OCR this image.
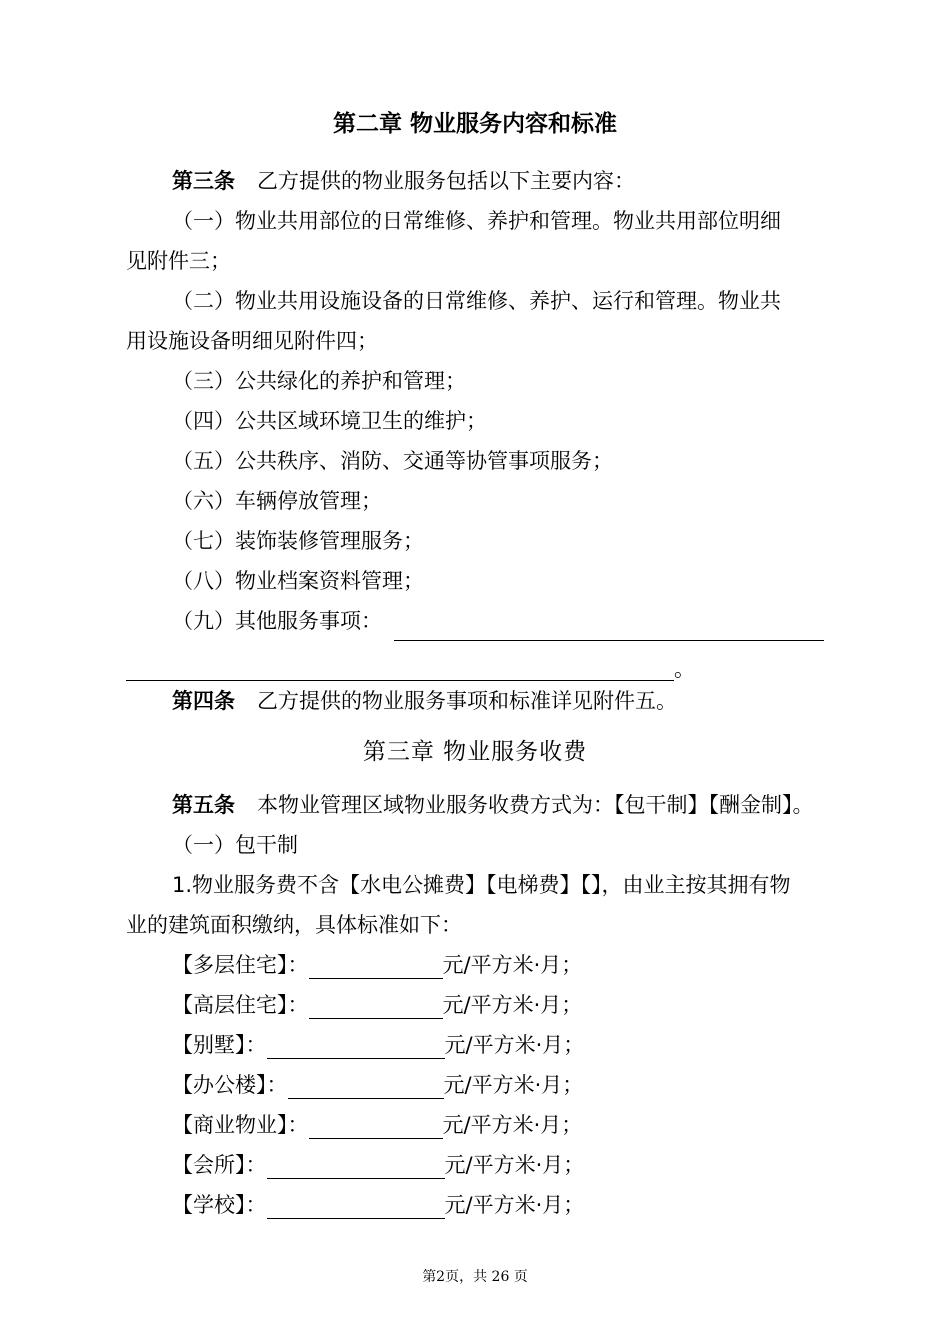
第二章 物业服务内容和标准
第三条 乙方提供的物业服务包括以下主要内容：
（一）物业共用部位的日常维修、养护和管理。物业共用部位明细
见附件三；
（二）物业共用设施设备的日常维修、养护、运行和管理。物业共
用设施设备明细见附件四；
（三）公共绿化的养护和管理；
（四）公共区域环境卫生的维护；
（五）公共秩序、消防、交通等协管事项服务；
（六）车辆停放管理；
（七）装饰装修管理服务；
（八）物业档案资料管理；
（九）其他服务事项：
。
第四条 乙方提供的物业服务事项和标准详见附件五。
第三章 物业服务收费
第五条 本物业管理区域物业服务收费方式为：【包干制】【酬金制】。
（一）包干制
1.物业服务费不含【水电公摊费】【电梯费】【】，由业主按其拥有物
业的建筑面积缴纳，具体标准如下：
【多层住宅】：	元/平方米·月；
【高层住宅】：	元/平方米·月；
【别墅】：	元/平方米·月；
【办公楼】：	元/平方米·月；
【商业物业】：	元/平方米·月；
【会所】：	元/平方米·月；
【学校】：	元/平方米·月；
第2页，共 26 页
